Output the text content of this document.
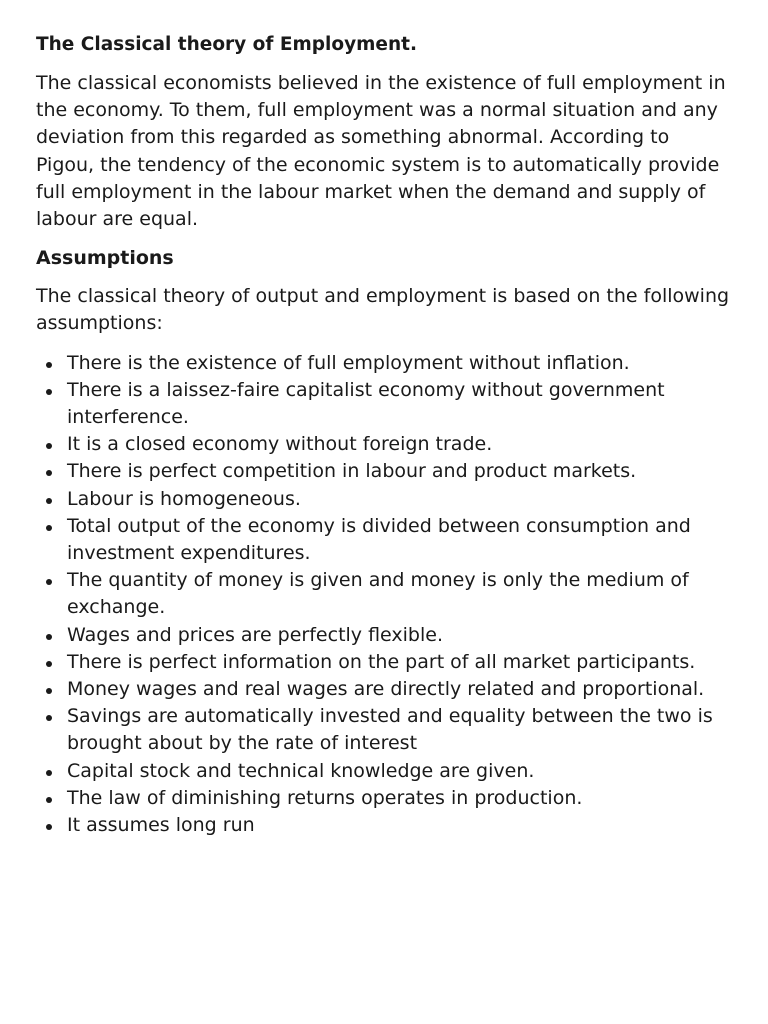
The Classical theory of Employment.

The classical economists believed in the existence of full employment in the economy. To them, full employment was a normal situation and any deviation from this regarded as something abnormal. According to Pigou, the tendency of the economic system is to automatically provide full employment in the labour market when the demand and supply of labour are equal.

Assumptions

The classical theory of output and employment is based on the following assumptions:

There is the existence of full employment without inflation.
There is a laissez-faire capitalist economy without government interference.
It is a closed economy without foreign trade.
There is perfect competition in labour and product markets.
Labour is homogeneous.
Total output of the economy is divided between consumption and investment expenditures.
The quantity of money is given and money is only the medium of exchange.
Wages and prices are perfectly flexible.
There is perfect information on the part of all market participants.
Money wages and real wages are directly related and proportional.
Savings are automatically invested and equality between the two is brought about by the rate of interest
Capital stock and technical knowledge are given.
The law of diminishing returns operates in production.
It assumes long run
